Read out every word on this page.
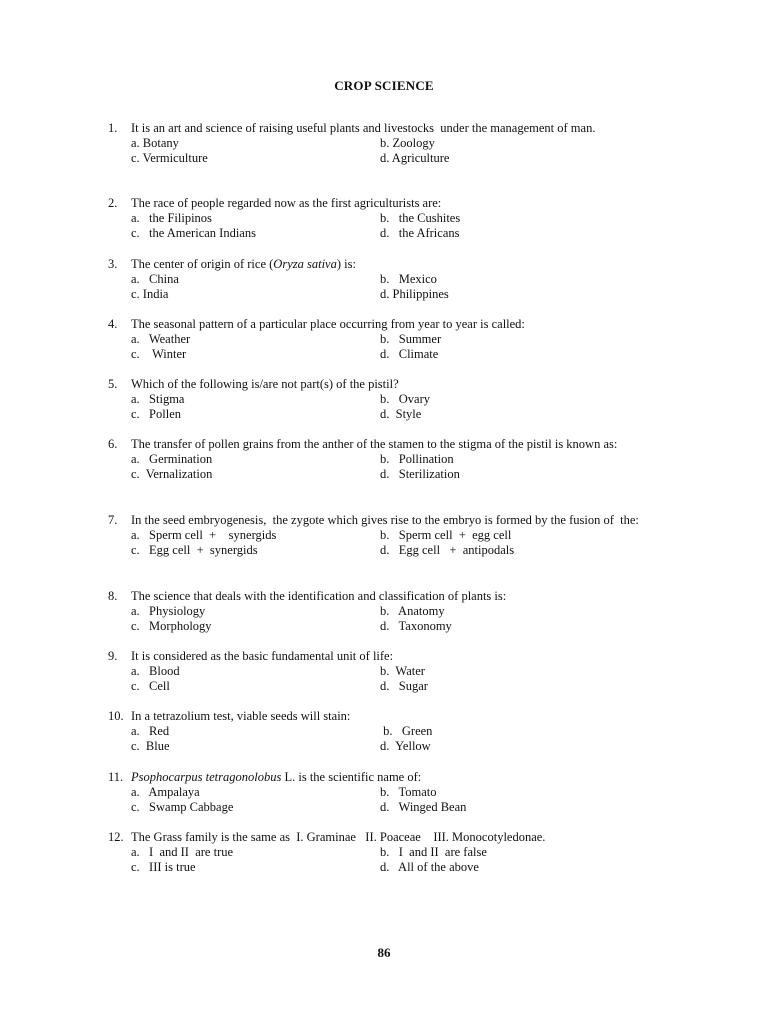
CROP SCIENCE
1.	It is an art and science of raising useful plants and livestocks  under the management of man.
a. Botany	b. Zoology
c. Vermiculture	d. Agriculture
2.	The race of people regarded now as the first agriculturists are:
a.   the Filipinos	b.   the Cushites
c.   the American Indians	d.   the Africans
3.	The center of origin of rice (Oryza sativa) is:
a.   China	b.   Mexico
c. India	d. Philippines
4.	The seasonal pattern of a particular place occurring from year to year is called:
a.   Weather	b.   Summer
c.    Winter	d.   Climate
5.	Which of the following is/are not part(s) of the pistil?
a.   Stigma	b.   Ovary
c.   Pollen	d.  Style
6.	The transfer of pollen grains from the anther of the stamen to the stigma of the pistil is known as:
a.   Germination	b.   Pollination
c.  Vernalization	d.   Sterilization
7.	In the seed embryogenesis,  the zygote which gives rise to the embryo is formed by the fusion of  the:
a.   Sperm cell  +    synergids	b.   Sperm cell  +  egg cell
c.   Egg cell  +  synergids	d.   Egg cell   +  antipodals
8.	The science that deals with the identification and classification of plants is:
a.   Physiology	b.   Anatomy
c.   Morphology	d.   Taxonomy
9.	It is considered as the basic fundamental unit of life:
a.   Blood	b.  Water
c.   Cell	d.   Sugar
10. In a tetrazolium test, viable seeds will stain:
a.   Red	b.   Green
c.  Blue	d.  Yellow
11. Psophocarpus tetragonolobus L. is the scientific name of:
a.   Ampalaya	b.   Tomato
c.   Swamp Cabbage	d.   Winged Bean
12. The Grass family is the same as  I. Graminae   II. Poaceae    III. Monocotyledonae.
a.   I  and II  are true	b.   I  and II  are false
c.   III is true	d.   All of the above
86
